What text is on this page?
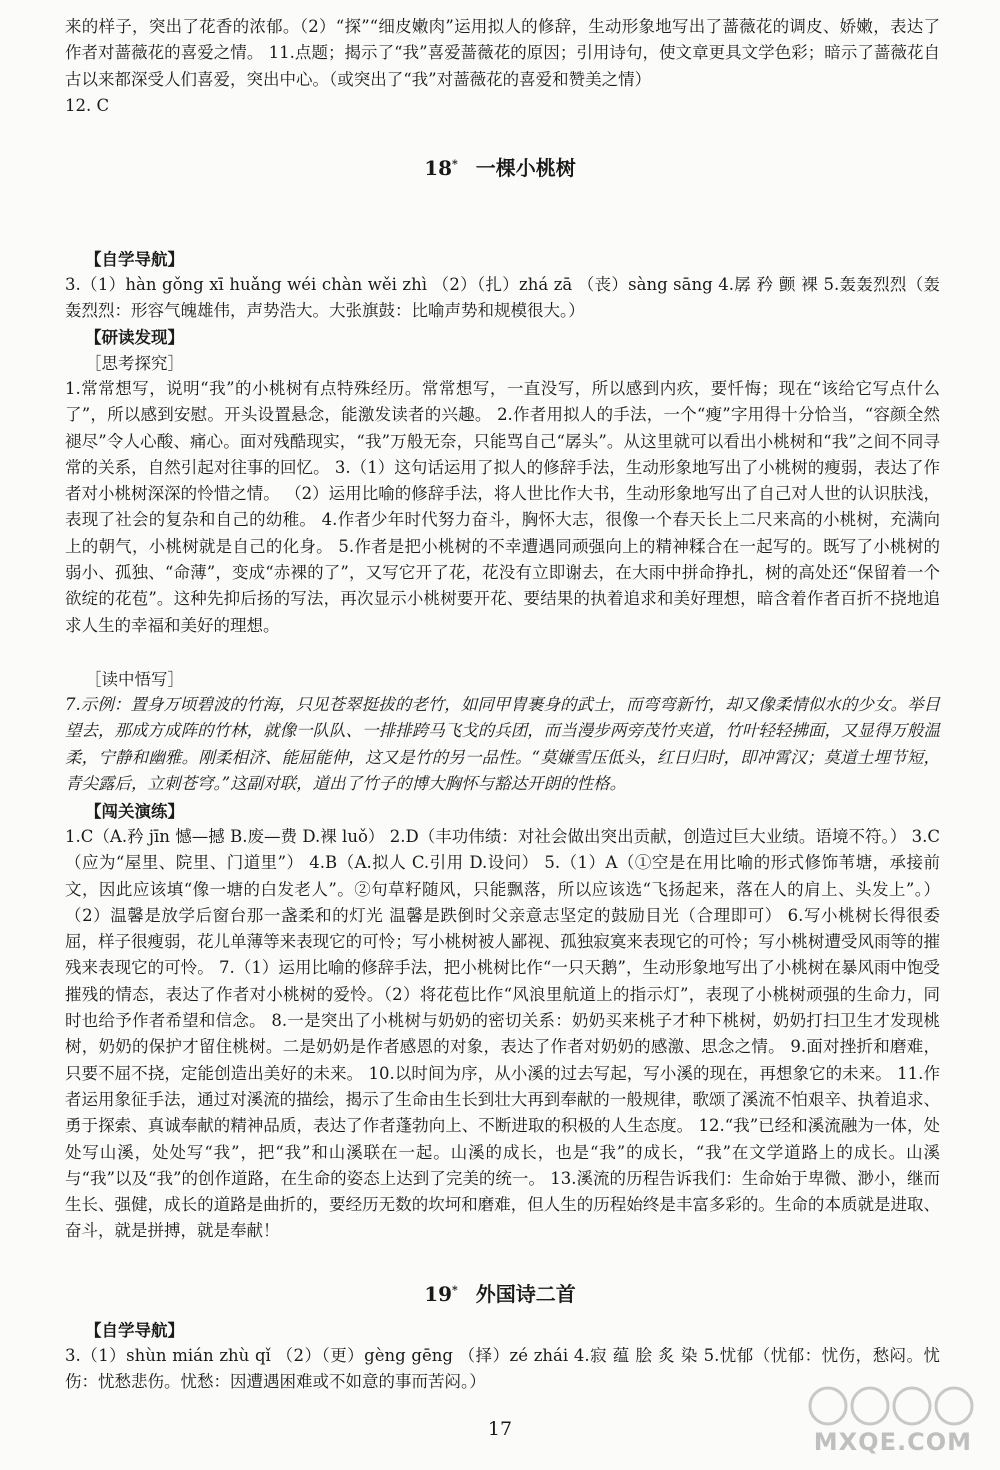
来的样子，突出了花香的浓郁。（2）“探”“细皮嫩肉”运用拟人的修辞，生动形象地写出了蔷薇花的调皮、娇嫩，表达了作者对蔷薇花的喜爱之情。 11.点题；揭示了“我”喜爱蔷薇花的原因；引用诗句，使文章更具文学色彩；暗示了蔷薇花自古以来都深受人们喜爱，突出中心。（或突出了“我”对蔷薇花的喜爱和赞美之情）

12. C

18* 一棵小桃树

【自学导航】

3.（1）hàn gǒng xī huǎng wéi chàn wěi zhì （2）（扎）zhá zā （丧）sàng sāng 4.孱 矜 颤 裸 5.轰轰烈烈（轰轰烈烈：形容气魄雄伟，声势浩大。大张旗鼓：比喻声势和规模很大。）

【研读发现】

［思考探究］

1.常常想写，说明“我”的小桃树有点特殊经历。常常想写，一直没写，所以感到内疚，要忏悔；现在“该给它写点什么了”，所以感到安慰。开头设置悬念，能激发读者的兴趣。 2.作者用拟人的手法，一个“瘦”字用得十分恰当，“容颜全然褪尽”令人心酸、痛心。面对残酷现实，“我”万般无奈，只能骂自己“孱头”。从这里就可以看出小桃树和“我”之间不同寻常的关系，自然引起对往事的回忆。 3.（1）这句话运用了拟人的修辞手法，生动形象地写出了小桃树的瘦弱，表达了作者对小桃树深深的怜惜之情。 （2）运用比喻的修辞手法，将人世比作大书，生动形象地写出了自己对人世的认识肤浅，表现了社会的复杂和自己的幼稚。 4.作者少年时代努力奋斗，胸怀大志，很像一个春天长上二尺来高的小桃树，充满向上的朝气，小桃树就是自己的化身。 5.作者是把小桃树的不幸遭遇同顽强向上的精神糅合在一起写的。既写了小桃树的弱小、孤独、“命薄”，变成“赤裸的了”，又写它开了花，花没有立即谢去，在大雨中拼命挣扎，树的高处还“保留着一个欲绽的花苞”。这种先抑后扬的写法，再次显示小桃树要开花、要结果的执着追求和美好理想，暗含着作者百折不挠地追求人生的幸福和美好的理想。

［读中悟写］

7.示例：置身万顷碧波的竹海，只见苍翠挺拔的老竹，如同甲胄裹身的武士，而弯弯新竹，却又像柔情似水的少女。举目望去，那成方成阵的竹林，就像一队队、一排排跨马飞戈的兵团，而当漫步两旁茂竹夹道，竹叶轻轻拂面，又显得万般温柔，宁静和幽雅。刚柔相济、能屈能伸，这又是竹的另一品性。“莫嫌雪压低头，红日归时，即冲霄汉；莫道土埋节短，青尖露后，立刺苍穹。”这副对联，道出了竹子的博大胸怀与豁达开朗的性格。

【闯关演练】

1.C（A.矜 jīn 憾—撼 B.废—费 D.裸 luǒ） 2.D（丰功伟绩：对社会做出突出贡献，创造过巨大业绩。语境不符。） 3.C（应为“屋里、院里、门道里”） 4.B（A.拟人 C.引用 D.设问） 5.（1）A（①空是在用比喻的形式修饰苇塘，承接前文，因此应该填“像一塘的白发老人”。②句草籽随风，只能飘落，所以应该选“飞扬起来，落在人的肩上、头发上”。） （2）温馨是放学后窗台那一盏柔和的灯光 温馨是跌倒时父亲意志坚定的鼓励目光（合理即可） 6.写小桃树长得很委屈，样子很瘦弱，花儿单薄等来表现它的可怜；写小桃树被人鄙视、孤独寂寞来表现它的可怜；写小桃树遭受风雨等的摧残来表现它的可怜。 7.（1）运用比喻的修辞手法，把小桃树比作“一只天鹅”，生动形象地写出了小桃树在暴风雨中饱受摧残的情态，表达了作者对小桃树的爱怜。（2）将花苞比作“风浪里航道上的指示灯”，表现了小桃树顽强的生命力，同时也给予作者希望和信念。 8.一是突出了小桃树与奶奶的密切关系：奶奶买来桃子才种下桃树，奶奶打扫卫生才发现桃树，奶奶的保护才留住桃树。二是奶奶是作者感恩的对象，表达了作者对奶奶的感激、思念之情。 9.面对挫折和磨难，只要不屈不挠，定能创造出美好的未来。 10.以时间为序，从小溪的过去写起，写小溪的现在，再想象它的未来。 11.作者运用象征手法，通过对溪流的描绘，揭示了生命由生长到壮大再到奉献的一般规律，歌颂了溪流不怕艰辛、执着追求、勇于探索、真诚奉献的精神品质，表达了作者蓬勃向上、不断进取的积极的人生态度。 12.“我”已经和溪流融为一体，处处写山溪，处处写“我”，把“我”和山溪联在一起。山溪的成长，也是“我”的成长，“我”在文学道路上的成长。山溪与“我”以及“我”的创作道路，在生命的姿态上达到了完美的统一。 13.溪流的历程告诉我们：生命始于卑微、渺小，继而生长、强健，成长的道路是曲折的，要经历无数的坎坷和磨难，但人生的历程始终是丰富多彩的。生命的本质就是进取、奋斗，就是拼搏，就是奉献！

19* 外国诗二首

【自学导航】

3.（1）shùn mián zhù qǐ （2）（更）gèng gēng （择）zé zhái 4.寂 蕴 脍 炙 染 5.忧郁（忧郁：忧伤，愁闷。忧伤：忧愁悲伤。忧愁：因遭遇困难或不如意的事而苦闷。）

17	MXQE.COM
